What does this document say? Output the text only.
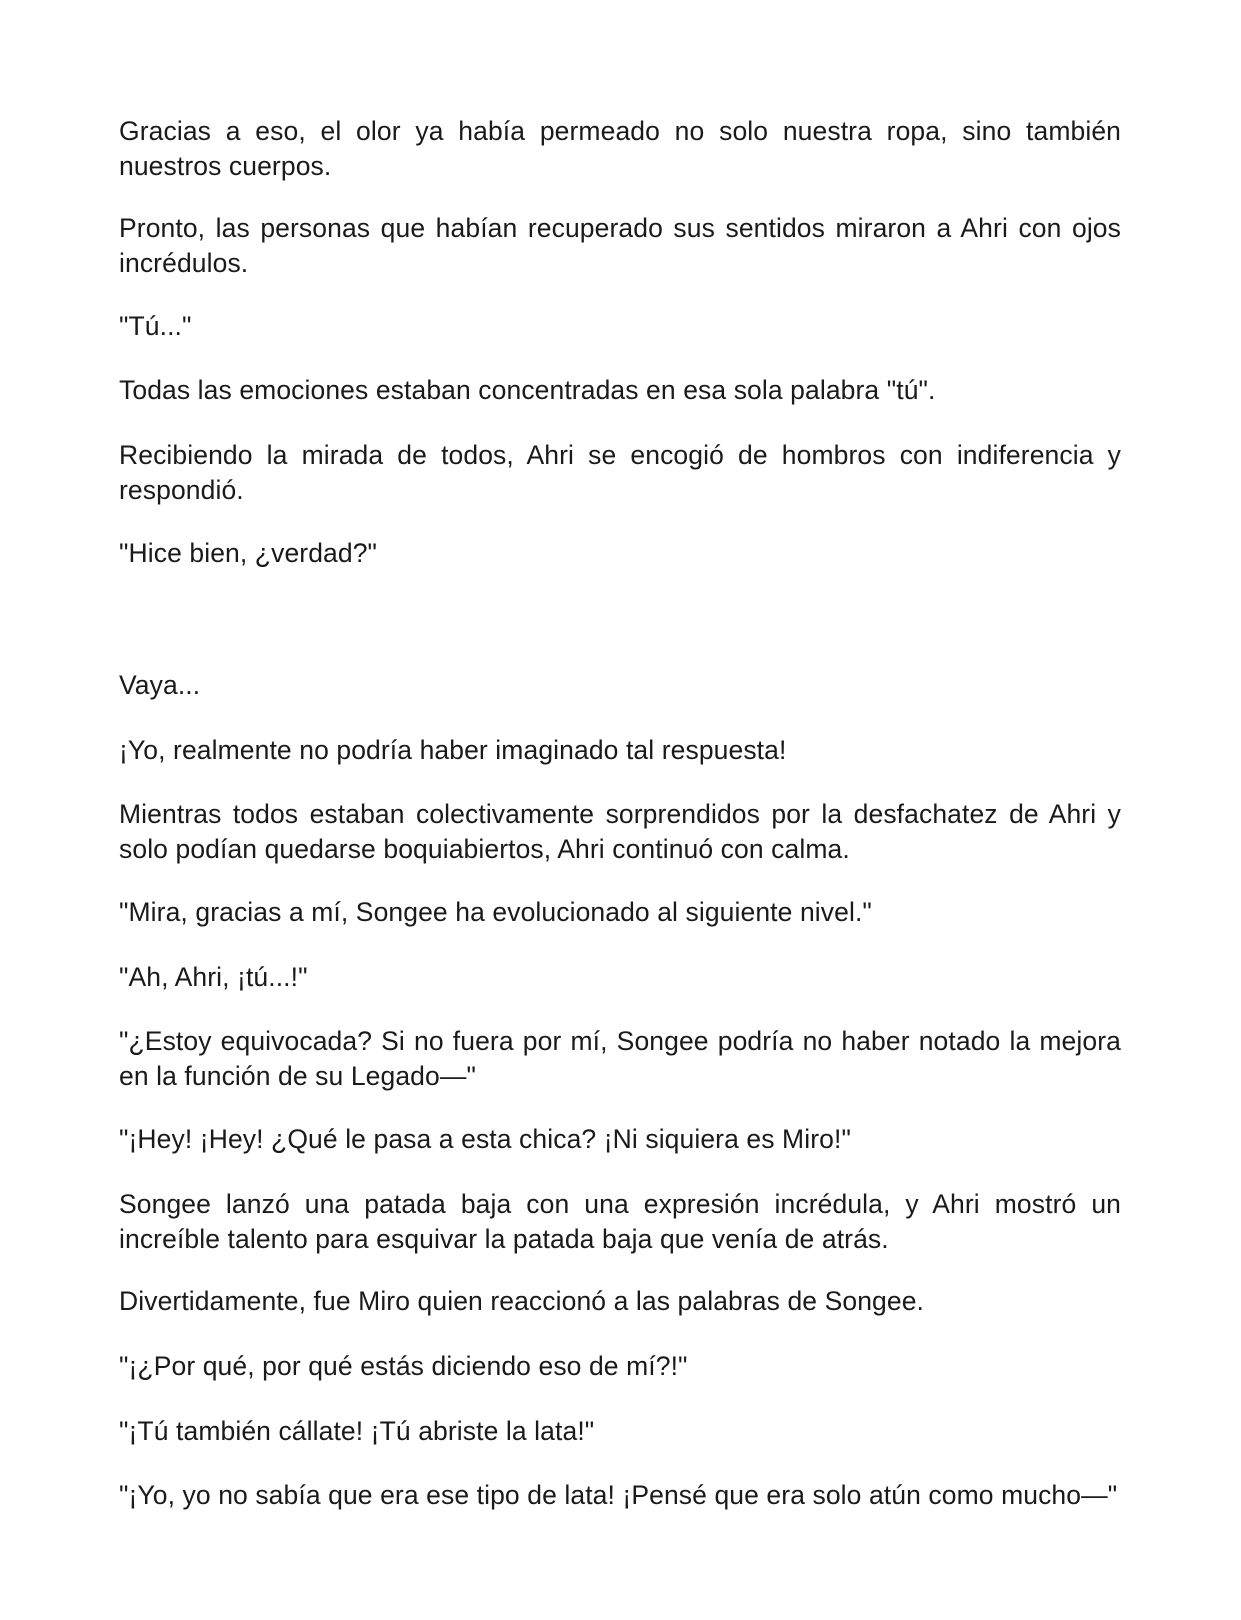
Gracias a eso, el olor ya había permeado no solo nuestra ropa, sino también nuestros cuerpos.

Pronto, las personas que habían recuperado sus sentidos miraron a Ahri con ojos incrédulos.

"Tú..."

Todas las emociones estaban concentradas en esa sola palabra "tú".

Recibiendo la mirada de todos, Ahri se encogió de hombros con indiferencia y respondió.

"Hice bien, ¿verdad?"

Vaya...

¡Yo, realmente no podría haber imaginado tal respuesta!

Mientras todos estaban colectivamente sorprendidos por la desfachatez de Ahri y solo podían quedarse boquiabiertos, Ahri continuó con calma.

"Mira, gracias a mí, Songee ha evolucionado al siguiente nivel."

"Ah, Ahri, ¡tú...!"

"¿Estoy equivocada? Si no fuera por mí, Songee podría no haber notado la mejora en la función de su Legado—"

"¡Hey! ¡Hey! ¿Qué le pasa a esta chica? ¡Ni siquiera es Miro!"

Songee lanzó una patada baja con una expresión incrédula, y Ahri mostró un increíble talento para esquivar la patada baja que venía de atrás.

Divertidamente, fue Miro quien reaccionó a las palabras de Songee.

"¡¿Por qué, por qué estás diciendo eso de mí?!"

"¡Tú también cállate! ¡Tú abriste la lata!"

"¡Yo, yo no sabía que era ese tipo de lata! ¡Pensé que era solo atún como mucho—"
